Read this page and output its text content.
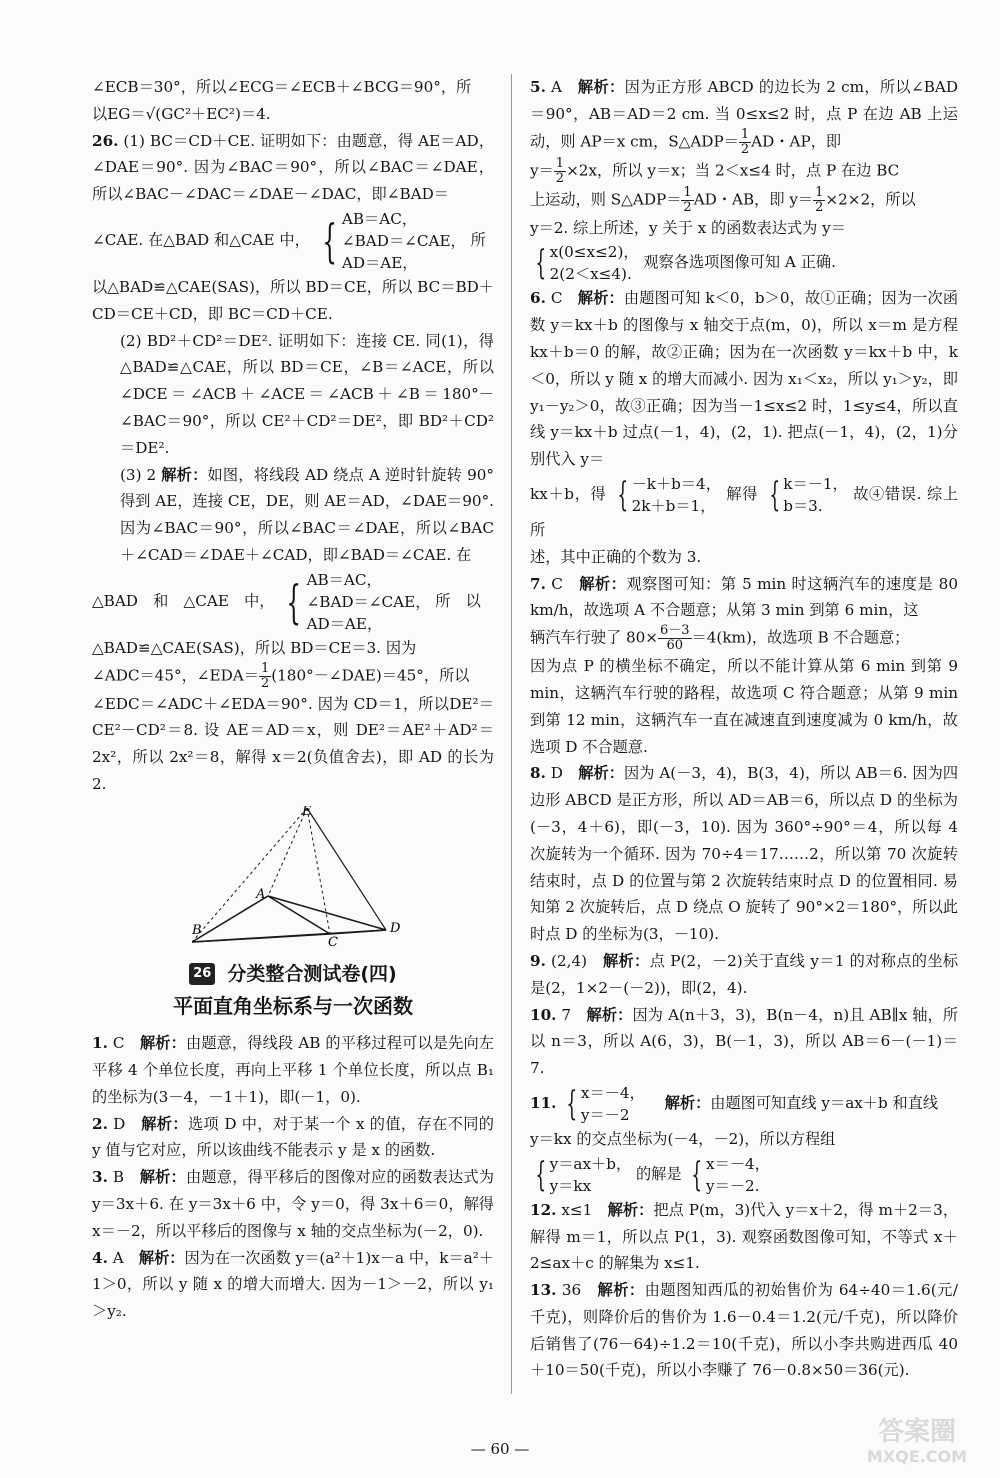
∠ECB＝30°，所以∠ECG＝∠ECB＋∠BCG＝90°，所

以EG＝√(GC²＋EC²)＝4.

26. (1) BC＝CD＋CE. 证明如下：由题意，得 AE＝AD，∠DAE＝90°. 因为∠BAC＝90°，所以∠BAC＝∠DAE，所以∠BAC－∠DAC＝∠DAE－∠DAC，即∠BAD＝

∠CAE. 在△BAD 和△CAE 中， { AB＝AC，
∠BAD＝∠CAE，
AD＝AE，
所

以△BAD≌△CAE(SAS)，所以 BD＝CE，所以 BC＝BD＋CD＝CE＋CD，即 BC＝CD＋CE.

(2) BD²＋CD²＝DE². 证明如下：连接 CE. 同(1)，得△BAD≌△CAE，所以 BD＝CE，∠B＝∠ACE，所以∠DCE＝∠ACB＋∠ACE＝∠ACB＋∠B＝180°－∠BAC＝90°，所以 CE²＋CD²＝DE²，即 BD²＋CD²＝DE².

(3) 2 解析：如图，将线段 AD 绕点 A 逆时针旋转 90°得到 AE，连接 CE，DE，则 AE＝AD，∠DAE＝90°. 因为∠BAC＝90°，所以∠BAC＝∠DAE，所以∠BAC＋∠CAD＝∠DAE＋∠CAD，即∠BAD＝∠CAE. 在

△BAD　和　△CAE　中， { AB＝AC，
∠BAD＝∠CAE，
AD＝AE，
所　以

△BAD≌△CAE(SAS)，所以 BD＝CE＝3. 因为

∠ADC＝45°，∠EDA＝ $\frac{1}{2}$ (180°－∠DAE)＝45°，所以

∠EDC＝∠ADC＋∠EDA＝90°. 因为 CD＝1，所以DE²＝CE²－CD²＝8. 设 AE＝AD＝x，则 DE²＝AE²＋AD²＝2x²，所以 2x²＝8，解得 x＝2(负值舍去)，即 AD 的长为 2.

E
A
B
C
D
26 分类整合测试卷(四)
平面直角坐标系与一次函数

1. C　 解析：由题意，得线段 AB 的平移过程可以是先向左平移 4 个单位长度，再向上平移 1 个单位长度，所以点 B₁ 的坐标为(3－4，－1＋1)，即(－1，0).

2. D　 解析：选项 D 中，对于某一个 x 的值，存在不同的 y 值与它对应，所以该曲线不能表示 y 是 x 的函数.

3. B　 解析：由题意，得平移后的图像对应的函数表达式为 y＝3x＋6. 在 y＝3x＋6 中，令 y＝0，得 3x＋6＝0，解得 x＝－2，所以平移后的图像与 x 轴的交点坐标为(－2，0).

4. A　 解析：因为在一次函数 y＝(a²＋1)x－a 中，k＝a²＋1＞0，所以 y 随 x 的增大而增大. 因为－1＞－2，所以 y₁＞y₂.

5. A　 解析：因为正方形 ABCD 的边长为 2 cm，所以∠BAD＝90°，AB＝AD＝2 cm. 当 0≤x≤2 时，点 P 在边 AB 上运动，则 AP＝x cm，S△ADP＝ $\frac{1}{2}$ AD・AP，即

$y= \frac{1}{2} \times 2x$，所以 y＝x；当 2＜x≤4 时，点 P 在边 BC

上运动，则 S△ADP＝ $\frac{1}{2}$ AD・AB，即 $y= \frac{1}{2} \times 2\times 2$，所以

y＝2. 综上所述，y 关于 x 的函数表达式为 y＝

{ x(0≤x≤2)，
2(2＜x≤4).
观察各选项图像可知 A 正确.

6. C　 解析：由题图可知 k＜0，b＞0，故①正确；因为一次函数 y＝kx＋b 的图像与 x 轴交于点(m，0)，所以 x＝m 是方程 kx＋b＝0 的解，故②正确；因为在一次函数 y＝kx＋b 中，k＜0，所以 y 随 x 的增大而减小. 因为 x₁＜x₂，所以 y₁＞y₂，即 y₁－y₂＞0，故③正确；因为当－1≤x≤2 时，1≤y≤4，所以直线 y＝kx＋b 过点(－1，4)，(2，1). 把点(－1，4)，(2，1)分别代入 y＝

kx＋b，得 { －k＋b＝4，
2k＋b＝1，
解得 { k＝－1，
b＝3.
故④错误. 综上所

述，其中正确的个数为 3.

7. C　 解析：观察图可知：第 5 min 时这辆汽车的速度是 80 km/h，故选项 A 不合题意；从第 3 min 到第 6 min，这

辆汽车行驶了 $80\times \frac{6-3}{60} =4(km)$，故选项 B 不合题意；

因为点 P 的横坐标不确定，所以不能计算从第 6 min 到第 9 min，这辆汽车行驶的路程，故选项 C 符合题意；从第 9 min 到第 12 min，这辆汽车一直在减速直到速度减为 0 km/h，故选项 D 不合题意.

8. D　 解析：因为 A(－3，4)，B(3，4)，所以 AB＝6. 因为四边形 ABCD 是正方形，所以 AD＝AB＝6，所以点 D 的坐标为(－3，4＋6)，即(－3，10). 因为 360°÷90°＝4，所以每 4 次旋转为一个循环. 因为 70÷4＝17……2，所以第 70 次旋转结束时，点 D 的位置与第 2 次旋转结束时点 D 的位置相同. 易知第 2 次旋转后，点 D 绕点 O 旋转了 90°×2＝180°，所以此时点 D 的坐标为(3，－10).

9. (2,4)　 解析：点 P(2，－2)关于直线 y＝1 的对称点的坐标是(2，1×2－(－2))，即(2，4).

10. 7　 解析：因为 A(n＋3，3)，B(n－4，n)且 AB∥x 轴，所以 n＝3，所以 A(6，3)，B(－1，3)，所以 AB＝6－(－1)＝7.

11. { x＝－4，
y＝－2
　解析：由题图可知直线 y＝ax＋b 和直线

y＝kx 的交点坐标为(－4，－2)，所以方程组

{ y＝ax＋b，
y＝kx
的解是 { x＝－4，
y＝－2.

12. x≤1　 解析：把点 P(m，3)代入 y＝x＋2，得 m＋2＝3，解得 m＝1，所以点 P(1，3). 观察函数图像可知，不等式 x＋2≤ax＋c 的解集为 x≤1.

13. 36　 解析：由题图知西瓜的初始售价为 64÷40＝1.6(元/千克)，则降价后的售价为 1.6－0.4＝1.2(元/千克)，所以降价后销售了(76－64)÷1.2＝10(千克)，所以小李共购进西瓜 40＋10＝50(千克)，所以小李赚了 76－0.8×50＝36(元).

— 60 —
答案圈
MXQE.COM
